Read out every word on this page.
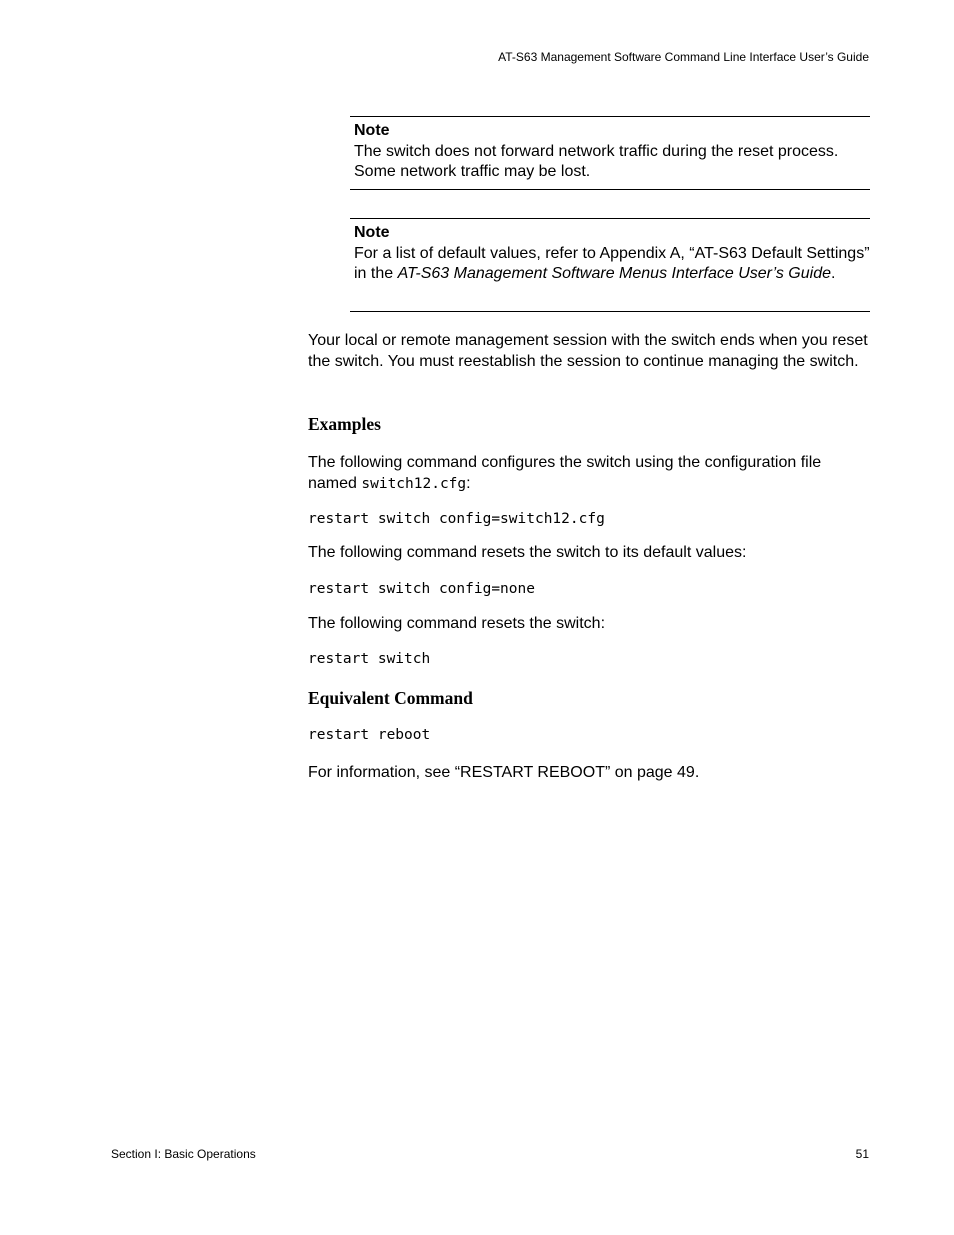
AT-S63 Management Software Command Line Interface User’s Guide
Note
The switch does not forward network traffic during the reset process. Some network traffic may be lost.
Note
For a list of default values, refer to Appendix A, “AT-S63 Default Settings” in the AT-S63 Management Software Menus Interface User’s Guide.

Your local or remote management session with the switch ends when you reset the switch. You must reestablish the session to continue managing the switch.

Examples

The following command configures the switch using the configuration file named switch12.cfg:

restart switch config=switch12.cfg

The following command resets the switch to its default values:

restart switch config=none

The following command resets the switch:

restart switch
Equivalent Command
restart reboot

For information, see “RESTART REBOOT” on page 49.

Section I: Basic Operations	51
